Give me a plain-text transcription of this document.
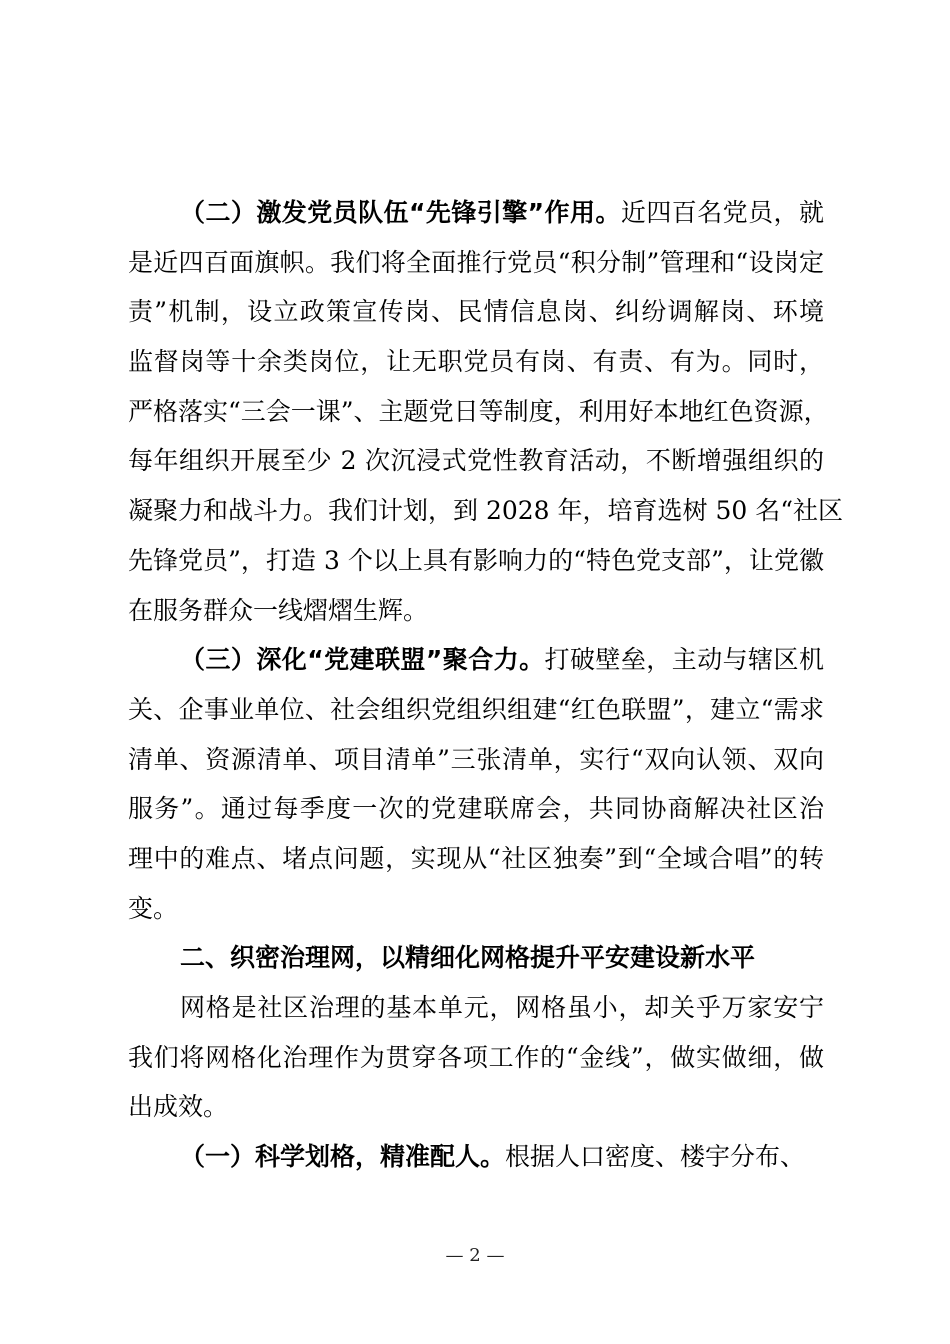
（二）激发党员队伍“先锋引擎”作用。近四百名党员，就
是近四百面旗帜。我们将全面推行党员“积分制”管理和“设岗定
责”机制，设立政策宣传岗、民情信息岗、纠纷调解岗、环境
监督岗等十余类岗位，让无职党员有岗、有责、有为。同时，
严格落实“三会一课”、主题党日等制度，利用好本地红色资源，
每年组织开展至少 2 次沉浸式党性教育活动，不断增强组织的
凝聚力和战斗力。我们计划，到 2028 年，培育选树 50 名“社区
先锋党员”，打造 3 个以上具有影响力的“特色党支部”，让党徽
在服务群众一线熠熠生辉。
（三）深化“党建联盟”聚合力。打破壁垒，主动与辖区机
关、企事业单位、社会组织党组织组建“红色联盟”，建立“需求
清单、资源清单、项目清单”三张清单，实行“双向认领、双向
服务”。通过每季度一次的党建联席会，共同协商解决社区治
理中的难点、堵点问题，实现从“社区独奏”到“全域合唱”的转
变。
二、织密治理网，以精细化网格提升平安建设新水平
网格是社区治理的基本单元，网格虽小，却关乎万家安宁
我们将网格化治理作为贯穿各项工作的“金线”，做实做细，做
出成效。
（一）科学划格，精准配人。根据人口密度、楼宇分布、
— 2 —
